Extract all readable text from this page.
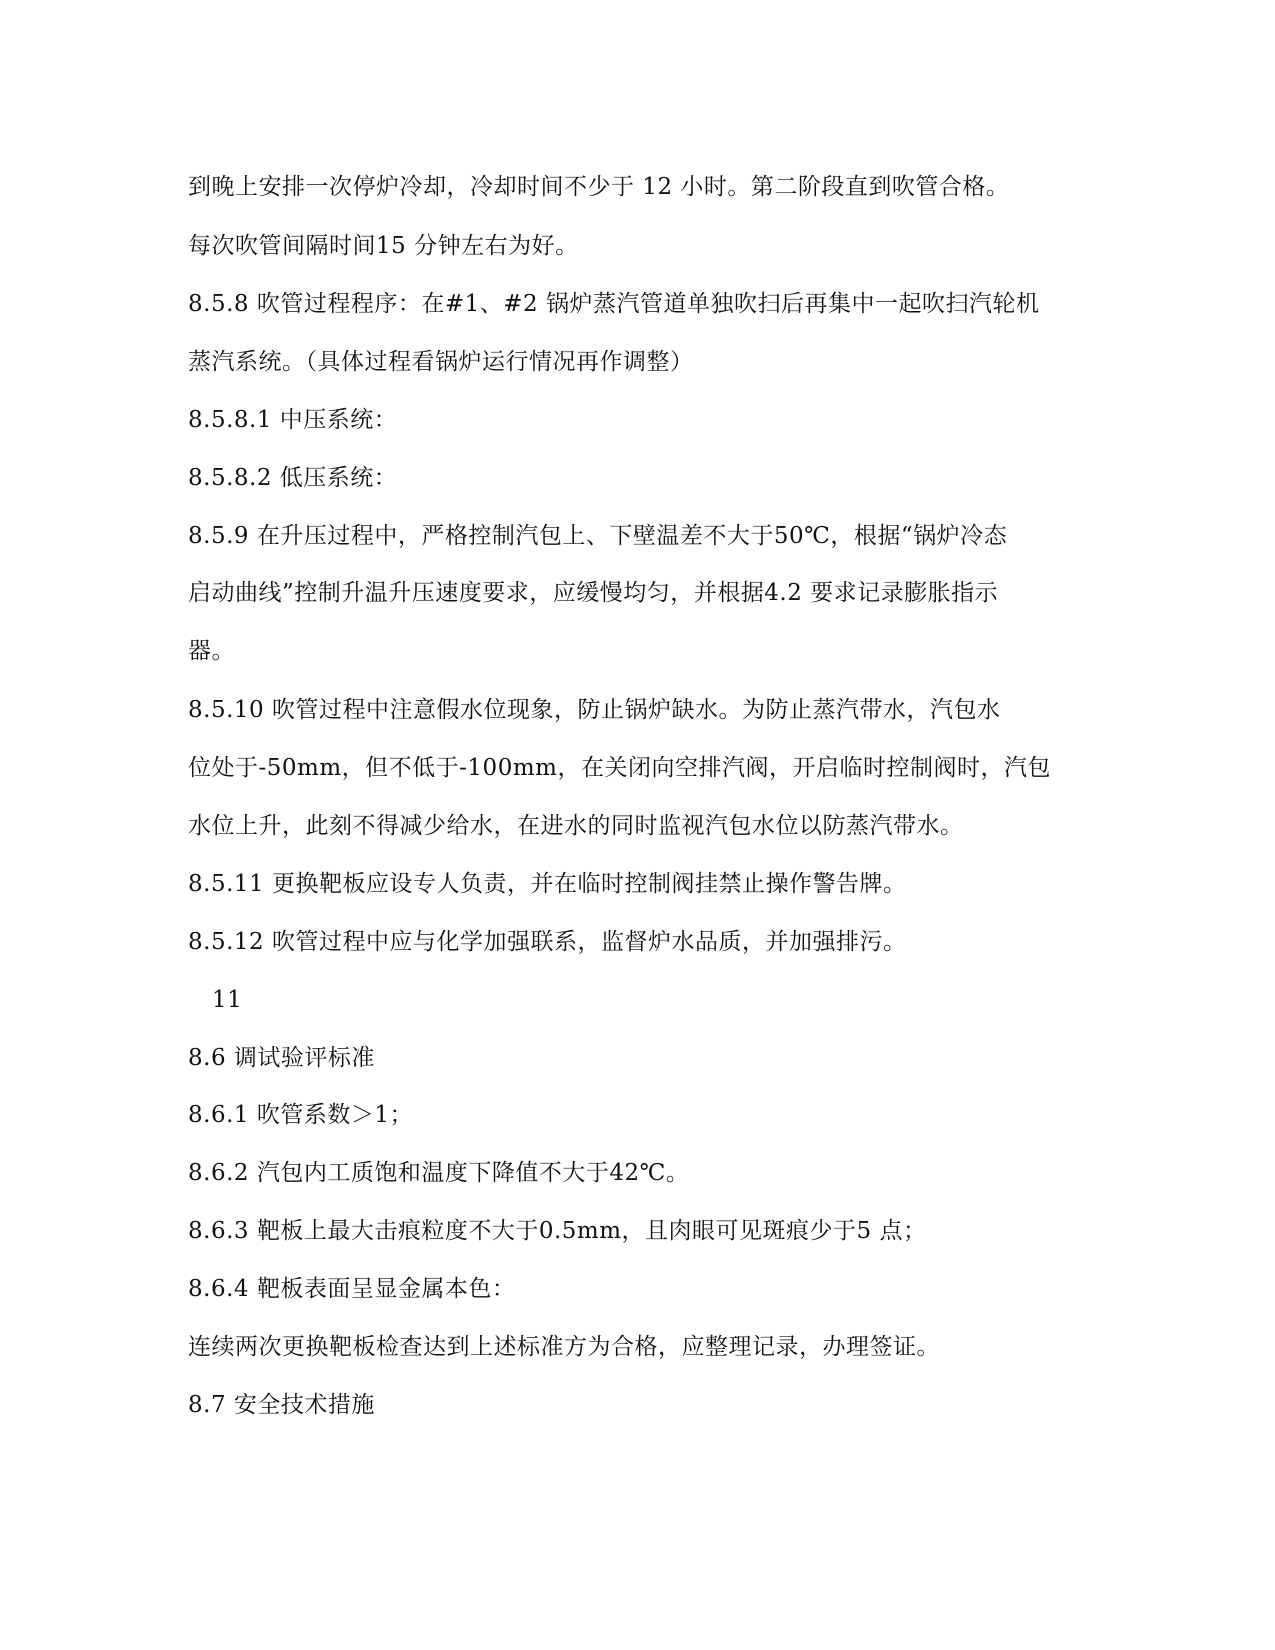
到晚上安排一次停炉冷却，冷却时间不少于 12 小时。第二阶段直到吹管合格。
每次吹管间隔时间15 分钟左右为好。
8.5.8 吹管过程程序：在#1、#2 锅炉蒸汽管道单独吹扫后再集中一起吹扫汽轮机
蒸汽系统。（具体过程看锅炉运行情况再作调整）
8.5.8.1 中压系统：
8.5.8.2 低压系统：
8.5.9 在升压过程中，严格控制汽包上、下壁温差不大于50℃，根据“锅炉冷态
启动曲线”控制升温升压速度要求，应缓慢均匀，并根据4.2 要求记录膨胀指示
器。
8.5.10 吹管过程中注意假水位现象，防止锅炉缺水。为防止蒸汽带水，汽包水
位处于-50mm，但不低于-100mm，在关闭向空排汽阀，开启临时控制阀时，汽包
水位上升，此刻不得减少给水，在进水的同时监视汽包水位以防蒸汽带水。
8.5.11 更换靶板应设专人负责，并在临时控制阀挂禁止操作警告牌。
8.5.12 吹管过程中应与化学加强联系，监督炉水品质，并加强排污。
11
8.6 调试验评标准
8.6.1 吹管系数＞1；
8.6.2 汽包内工质饱和温度下降值不大于42℃。
8.6.3 靶板上最大击痕粒度不大于0.5mm，且肉眼可见斑痕少于5 点；
8.6.4 靶板表面呈显金属本色：
连续两次更换靶板检查达到上述标准方为合格，应整理记录，办理签证。
8.7 安全技术措施
